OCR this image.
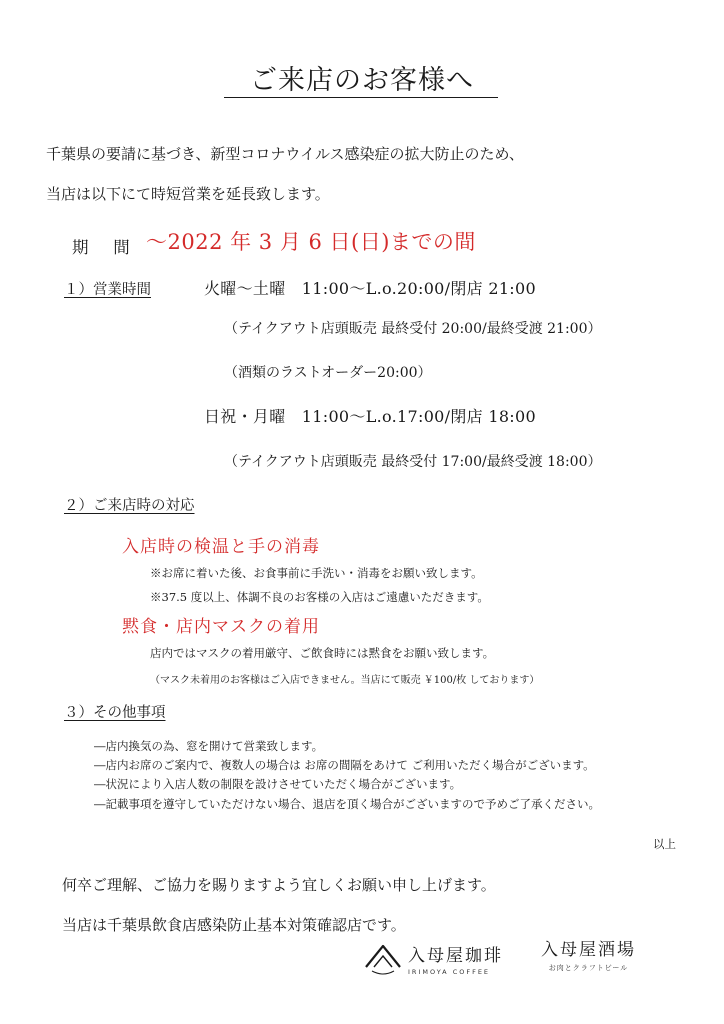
ご来店のお客様へ
千葉県の要請に基づき、新型コロナウイルス感染症の拡大防止のため、
当店は以下にて時短営業を延長致します。
期　 間 ～2022 年 3 月 6 日(日)までの間
１）営業時間	火曜～土曜　11:00～L.o.20:00/閉店 21:00
（テイクアウト店頭販売 最終受付 20:00/最終受渡 21:00）
（酒類のラストオーダー20:00）
日祝・月曜　11:00～L.o.17:00/閉店 18:00
（テイクアウト店頭販売 最終受付 17:00/最終受渡 18:00）
２）ご来店時の対応
入店時の検温と手の消毒
※お席に着いた後、お食事前に手洗い・消毒をお願い致します。
※37.5 度以上、体調不良のお客様の入店はご遠慮いただきます。
黙食・店内マスクの着用
店内ではマスクの着用厳守、ご飲食時には黙食をお願い致します。
（マスク未着用のお客様はご入店できません。当店にて販売 ￥100/枚 しております）
３）その他事項
―店内換気の為、窓を開けて営業致します。
―店内お席のご案内で、複数人の場合は お席の間隔をあけて ご利用いただく場合がございます。
―状況により入店人数の制限を設けさせていただく場合がございます。
―記載事項を遵守していただけない場合、退店を頂く場合がございますので予めご了承ください。
以上
何卒ご理解、ご協力を賜りますよう宜しくお願い申し上げます。
当店は千葉県飲食店感染防止基本対策確認店です。
入母屋珈琲
IRIMOYA COFFEE
入母屋酒場
お肉とクラフトビール
